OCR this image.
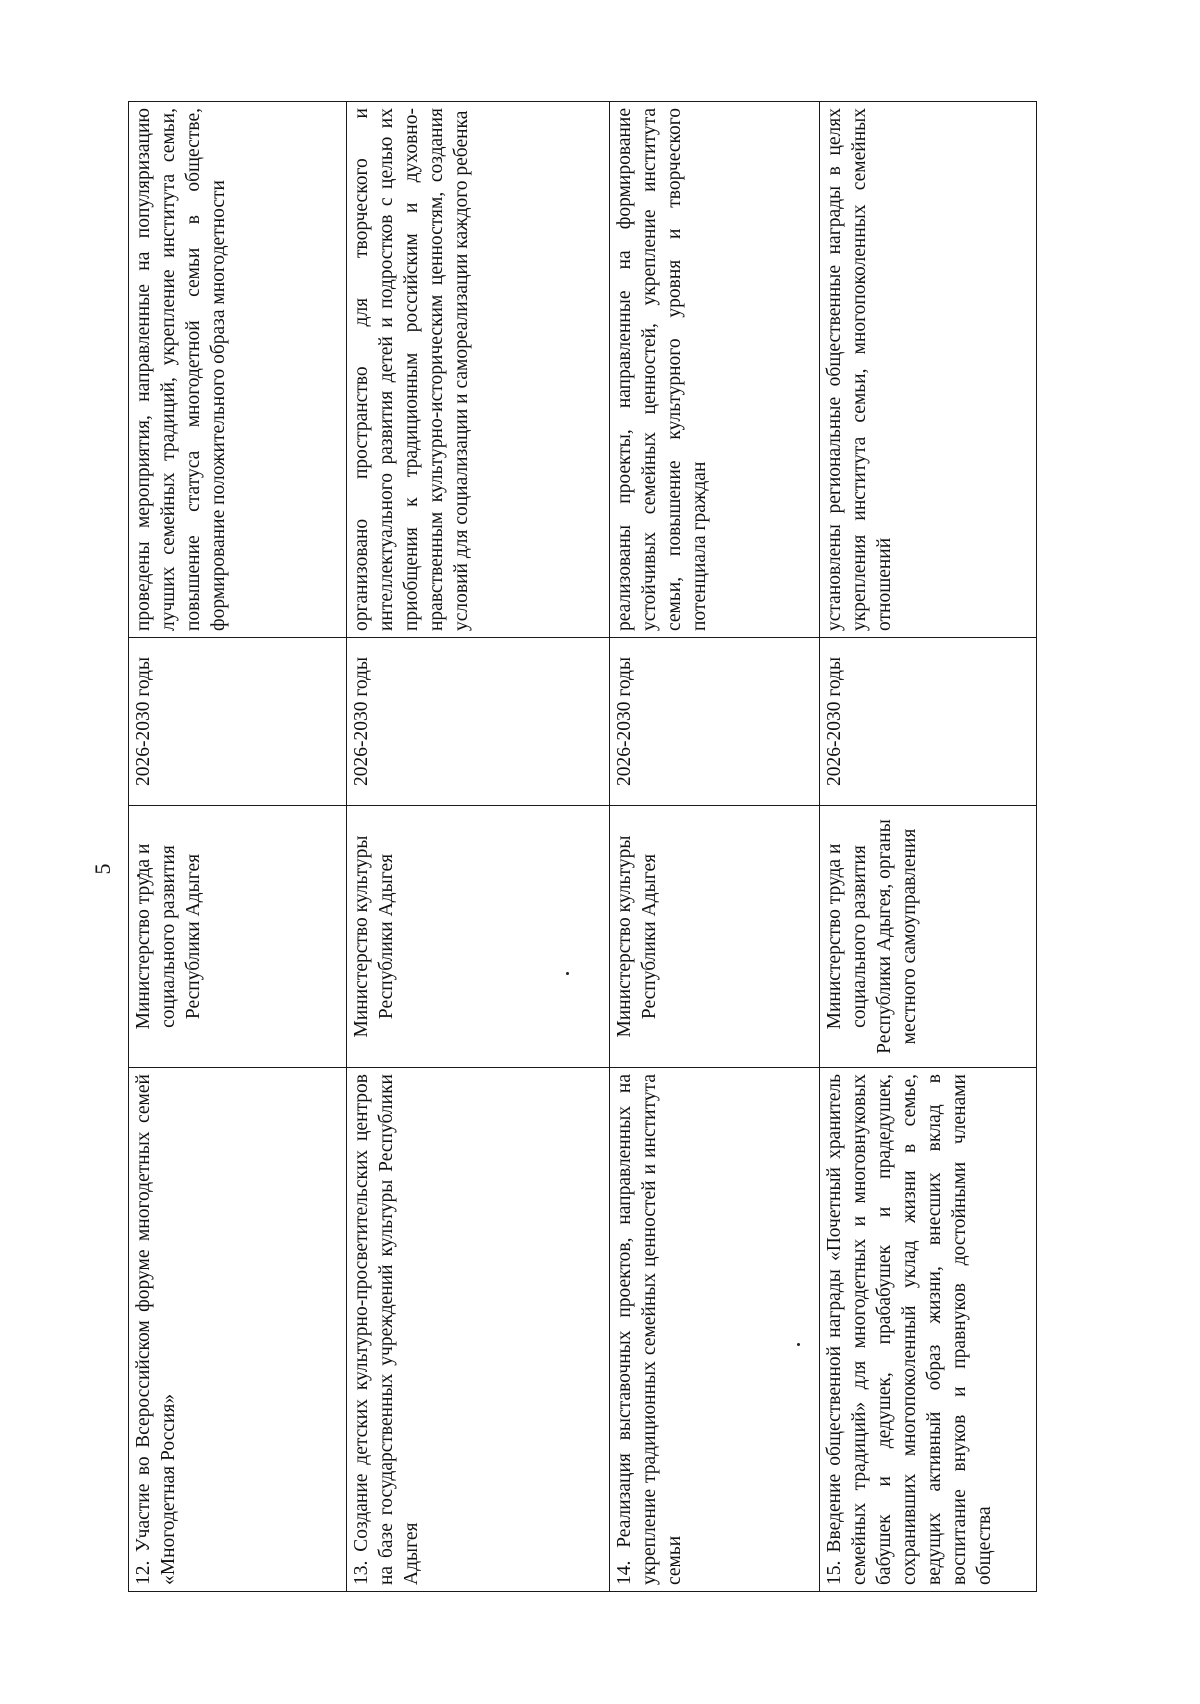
5
12. Участие во Всероссийском форуме многодетных семей «Многодетная Россия»	Министерство труда и социального развития Республики Адыгея	2026-2030 годы	проведены мероприятия, направленные на популяризацию лучших семейных традиций, укрепление института семьи, повышение статуса многодетной семьи в обществе, формирование положительного образа многодетности
13. Создание детских культурно-просветительских центров на базе государственных учреждений культуры Республики Адыгея	Министерство культуры Республики Адыгея	2026-2030 годы	организовано пространство для творческого и интеллектуального развития детей и подростков с целью их приобщения к традиционным российским и духовно-нравственным культурно-историческим ценностям, создания условий для социализации и самореализации каждого ребенка
14. Реализация выставочных проектов, направленных на укрепление традиционных семейных ценностей и института семьи	Министерство культуры Республики Адыгея	2026-2030 годы	реализованы проекты, направленные на формирование устойчивых семейных ценностей, укрепление института семьи, повышение культурного уровня и творческого потенциала граждан
15. Введение общественной награды «Почетный хранитель семейных традиций» для многодетных и многовнуковых бабушек и дедушек, прабабушек и прадедушек, сохранивших многопоколенный уклад жизни в семье, ведущих активный образ жизни, внесших вклад в воспитание внуков и правнуков достойными членами общества	Министерство труда и социального развития Республики Адыгея, органы местного самоуправления	2026-2030 годы	установлены региональные общественные награды в целях укрепления института семьи, многопоколенных семейных отношений
